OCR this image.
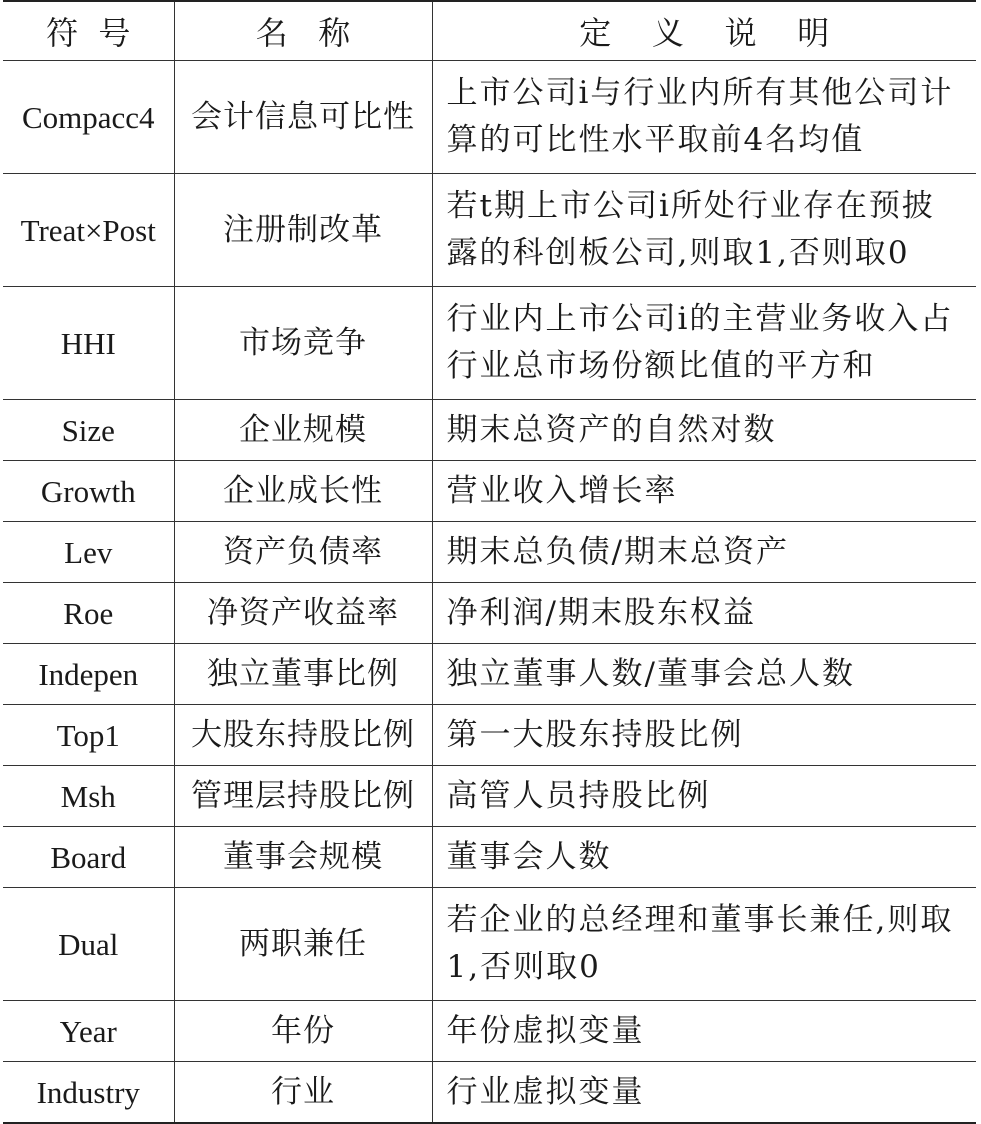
符  号	名   称	定    义    说    明
Compacc4	会计信息可比性	上市公司i与行业内所有其他公司计算的可比性水平取前4名均值
Treat×Post	注册制改革	若t期上市公司i所处行业存在预披露的科创板公司,则取1,否则取0
HHI	市场竞争	行业内上市公司i的主营业务收入占行业总市场份额比值的平方和
Size	企业规模	期末总资产的自然对数
Growth	企业成长性	营业收入增长率
Lev	资产负债率	期末总负债/期末总资产
Roe	净资产收益率	净利润/期末股东权益
Indepen	独立董事比例	独立董事人数/董事会总人数
Top1	大股东持股比例	第一大股东持股比例
Msh	管理层持股比例	高管人员持股比例
Board	董事会规模	董事会人数
Dual	两职兼任	若企业的总经理和董事长兼任,则取1,否则取0
Year	年份	年份虚拟变量
Industry	行业	行业虚拟变量
